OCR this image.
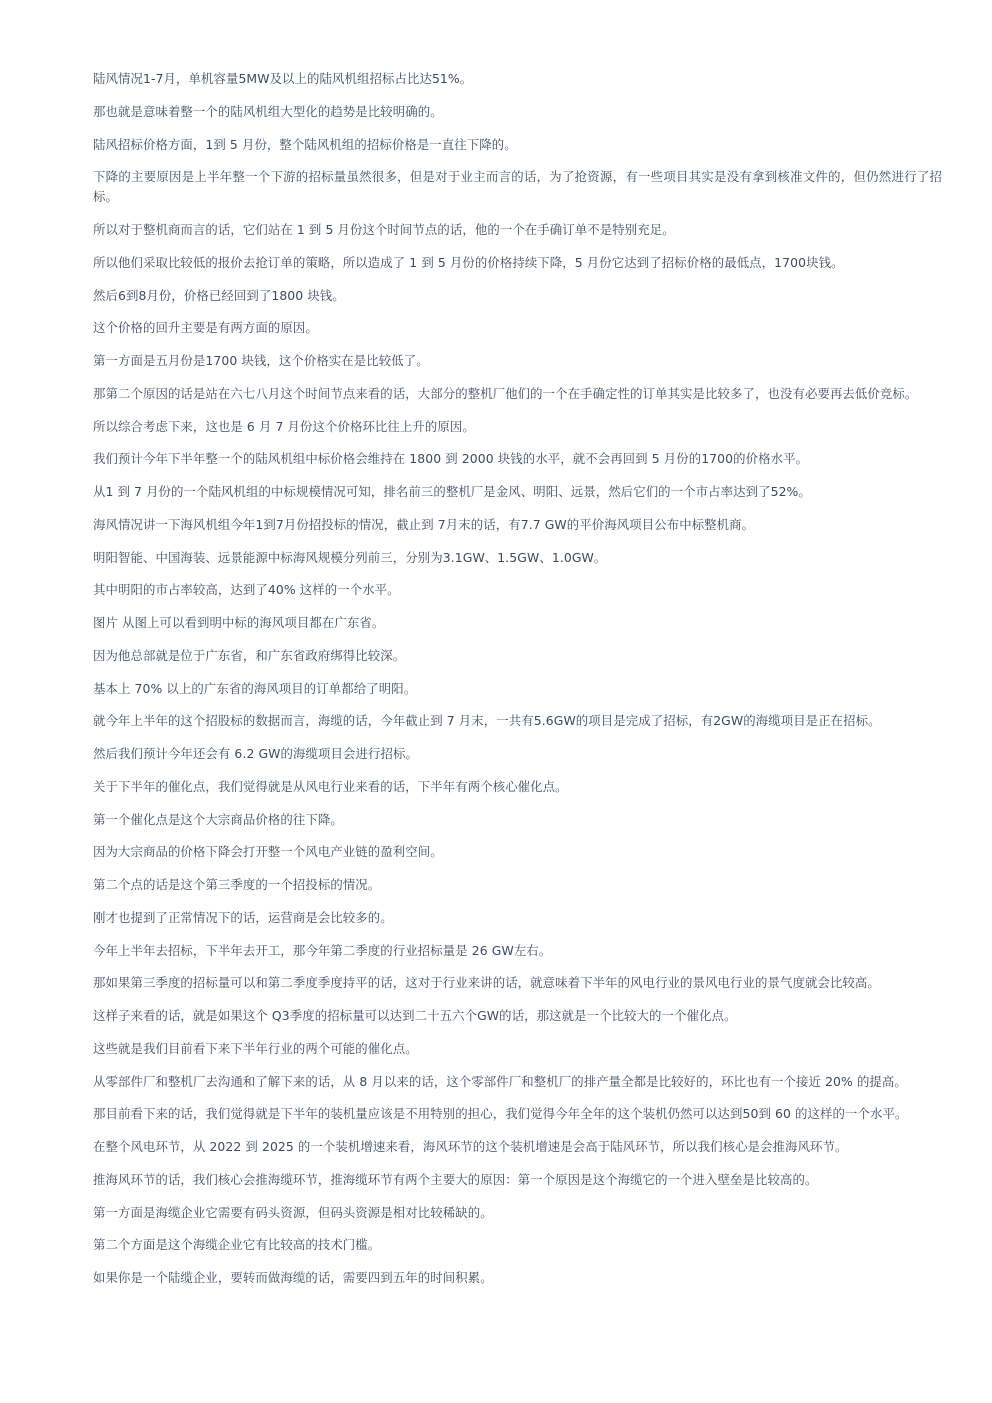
陆风情况1-7月，单机容量5MW及以上的陆风机组招标占比达51%。

那也就是意味着整一个的陆风机组大型化的趋势是比较明确的。

陆风招标价格方面，1到 5 月份，整个陆风机组的招标价格是一直往下降的。

下降的主要原因是上半年整一个下游的招标量虽然很多，但是对于业主而言的话，为了抢资源，有一些项目其实是没有拿到核准文件的，但仍然进行了招标。

所以对于整机商而言的话，它们站在 1 到 5 月份这个时间节点的话，他的一个在手确订单不是特别充足。

所以他们采取比较低的报价去抢订单的策略，所以造成了 1 到 5 月份的价格持续下降，5 月份它达到了招标价格的最低点，1700块钱。

然后6到8月份，价格已经回到了1800 块钱。

这个价格的回升主要是有两方面的原因。

第一方面是五月份是1700 块钱，这个价格实在是比较低了。

那第二个原因的话是站在六七八月这个时间节点来看的话，大部分的整机厂他们的一个在手确定性的订单其实是比较多了，也没有必要再去低价竞标。

所以综合考虑下来，这也是 6 月 7 月份这个价格环比往上升的原因。

我们预计今年下半年整一个的陆风机组中标价格会维持在 1800 到 2000 块钱的水平，就不会再回到 5 月份的1700的价格水平。

从1 到 7 月份的一个陆风机组的中标规模情况可知，排名前三的整机厂是金风、明阳、远景，然后它们的一个市占率达到了52%。

海风情况讲一下海风机组今年1到7月份招投标的情况，截止到 7月末的话，有7.7 GW的平价海风项目公布中标整机商。

明阳智能、中国海装、远景能源中标海风规模分列前三，分别为3.1GW、1.5GW、1.0GW。

其中明阳的市占率较高，达到了40% 这样的一个水平。

图片 从图上可以看到明中标的海风项目都在广东省。

因为他总部就是位于广东省，和广东省政府绑得比较深。

基本上 70% 以上的广东省的海风项目的订单都给了明阳。

就今年上半年的这个招股标的数据而言，海缆的话，今年截止到 7 月末，一共有5.6GW的项目是完成了招标，有2GW的海缆项目是正在招标。

然后我们预计今年还会有 6.2 GW的海缆项目会进行招标。

关于下半年的催化点，我们觉得就是从风电行业来看的话，下半年有两个核心催化点。

第一个催化点是这个大宗商品价格的往下降。

因为大宗商品的价格下降会打开整一个风电产业链的盈利空间。

第二个点的话是这个第三季度的一个招投标的情况。

刚才也提到了正常情况下的话，运营商是会比较多的。

今年上半年去招标，下半年去开工，那今年第二季度的行业招标量是 26 GW左右。

那如果第三季度的招标量可以和第二季度季度持平的话，这对于行业来讲的话，就意味着下半年的风电行业的景风电行业的景气度就会比较高。

这样子来看的话，就是如果这个 Q3季度的招标量可以达到二十五六个GW的话，那这就是一个比较大的一个催化点。

这些就是我们目前看下来下半年行业的两个可能的催化点。

从零部件厂和整机厂去沟通和了解下来的话，从 8 月以来的话，这个零部件厂和整机厂的排产量全都是比较好的，环比也有一个接近 20% 的提高。

那目前看下来的话，我们觉得就是下半年的装机量应该是不用特别的担心，我们觉得今年全年的这个装机仍然可以达到50到 60 的这样的一个水平。

在整个风电环节，从 2022 到 2025 的一个装机增速来看，海风环节的这个装机增速是会高于陆风环节，所以我们核心是会推海风环节。

推海风环节的话，我们核心会推海缆环节，推海缆环节有两个主要大的原因：第一个原因是这个海缆它的一个进入壁垒是比较高的。

第一方面是海缆企业它需要有码头资源，但码头资源是相对比较稀缺的。

第二个方面是这个海缆企业它有比较高的技术门槛。

如果你是一个陆缆企业，要转而做海缆的话，需要四到五年的时间积累。
